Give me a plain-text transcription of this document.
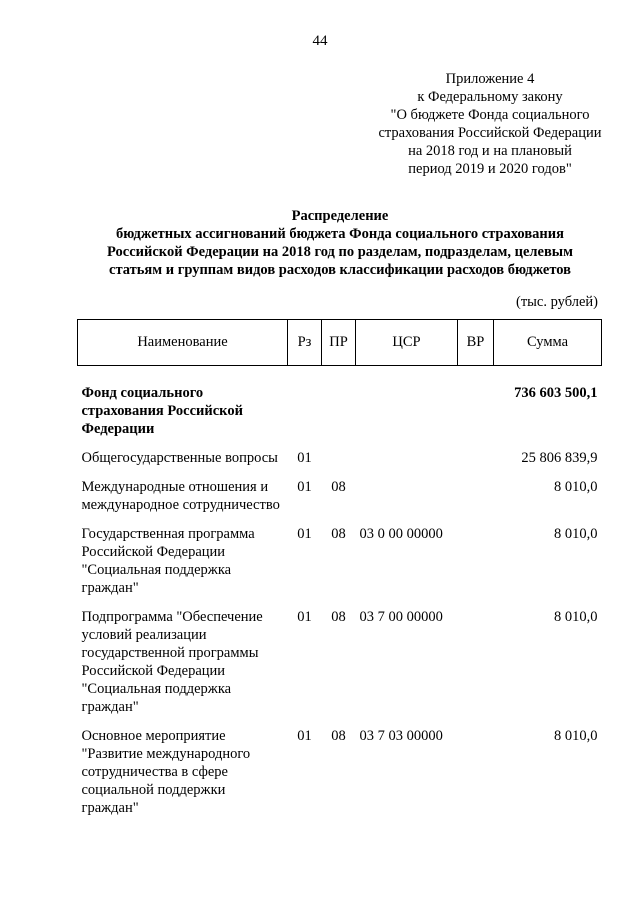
44
Приложение 4
к Федеральному закону
"О бюджете Фонда социального
страхования Российской Федерации
на 2018 год и на плановый
период 2019 и 2020 годов"
Распределение
бюджетных ассигнований бюджета Фонда социального страхования
Российской Федерации на 2018 год по разделам, подразделам, целевым
статьям и группам видов расходов классификации расходов бюджетов
(тыс. рублей)
Наименование	Рз	ПР	ЦСР	ВР	Сумма

Фонд социального страхования Российской Федерации					736 603 500,1
Общегосударственные вопросы	01				25 806 839,9
Международные отношения и международное сотрудничество	01	08			8 010,0
Государственная программа Российской Федерации "Социальная поддержка граждан"	01	08	03 0 00 00000		8 010,0
Подпрограмма "Обеспечение условий реализации государственной программы Российской Федерации "Социальная поддержка граждан"	01	08	03 7 00 00000		8 010,0
Основное мероприятие "Развитие международного сотрудничества в сфере социальной поддержки граждан"	01	08	03 7 03 00000		8 010,0
